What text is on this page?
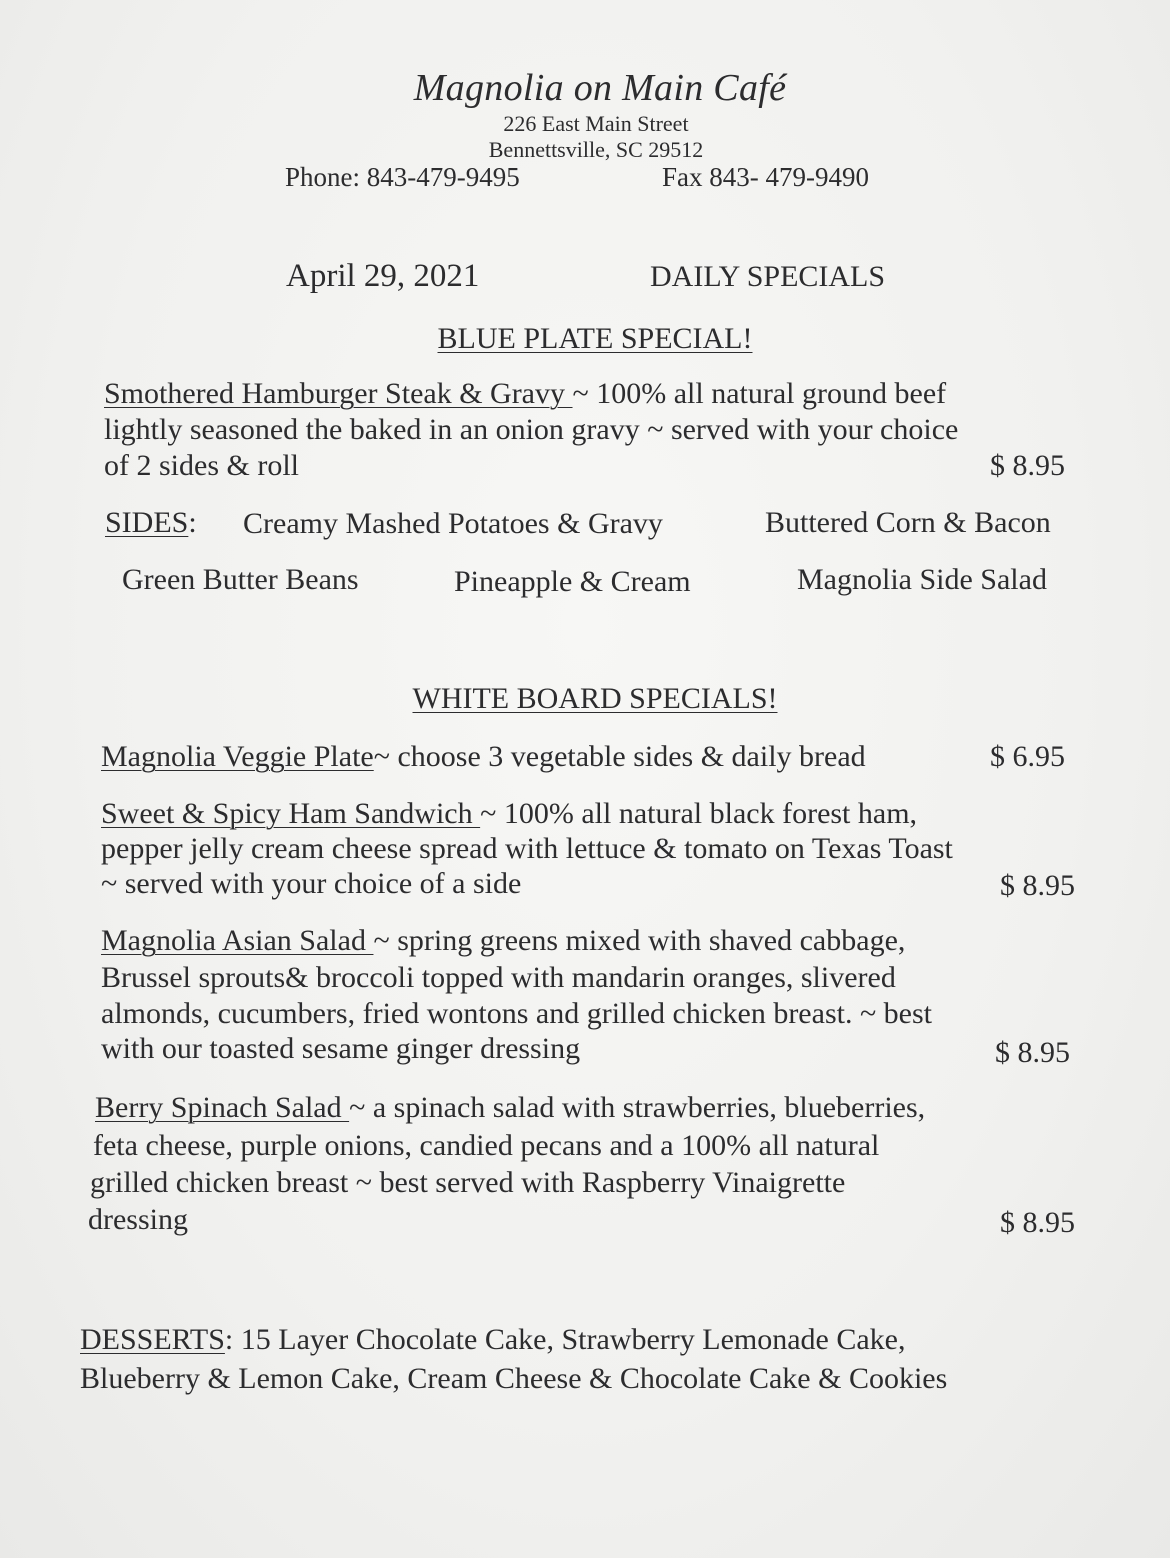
Magnolia on Main Café
226 East Main Street
Bennettsville, SC 29512
Phone: 843-479-9495	Fax 843- 479-9490
April 29, 2021	DAILY SPECIALS
BLUE PLATE SPECIAL!
Smothered Hamburger Steak & Gravy ~ 100% all natural ground beef
lightly seasoned the baked in an onion gravy ~ served with your choice
of 2 sides & roll	$ 8.95
SIDES: Creamy Mashed Potatoes & Gravy	Buttered Corn & Bacon
Green Butter Beans	Pineapple & Cream	Magnolia Side Salad
WHITE BOARD SPECIALS!
Magnolia Veggie Plate~ choose 3 vegetable sides & daily bread	$ 6.95
Sweet & Spicy Ham Sandwich ~ 100% all natural black forest ham,
pepper jelly cream cheese spread with lettuce & tomato on Texas Toast
~ served with your choice of a side	$ 8.95
Magnolia Asian Salad ~ spring greens mixed with shaved cabbage,
Brussel sprouts& broccoli topped with mandarin oranges, slivered
almonds, cucumbers, fried wontons and grilled chicken breast. ~ best
with our toasted sesame ginger dressing	$ 8.95
Berry Spinach Salad ~ a spinach salad with strawberries, blueberries,
feta cheese, purple onions, candied pecans and a 100% all natural
grilled chicken breast ~ best served with Raspberry Vinaigrette
dressing	$ 8.95
DESSERTS: 15 Layer Chocolate Cake, Strawberry Lemonade Cake,
Blueberry & Lemon Cake, Cream Cheese & Chocolate Cake & Cookies
